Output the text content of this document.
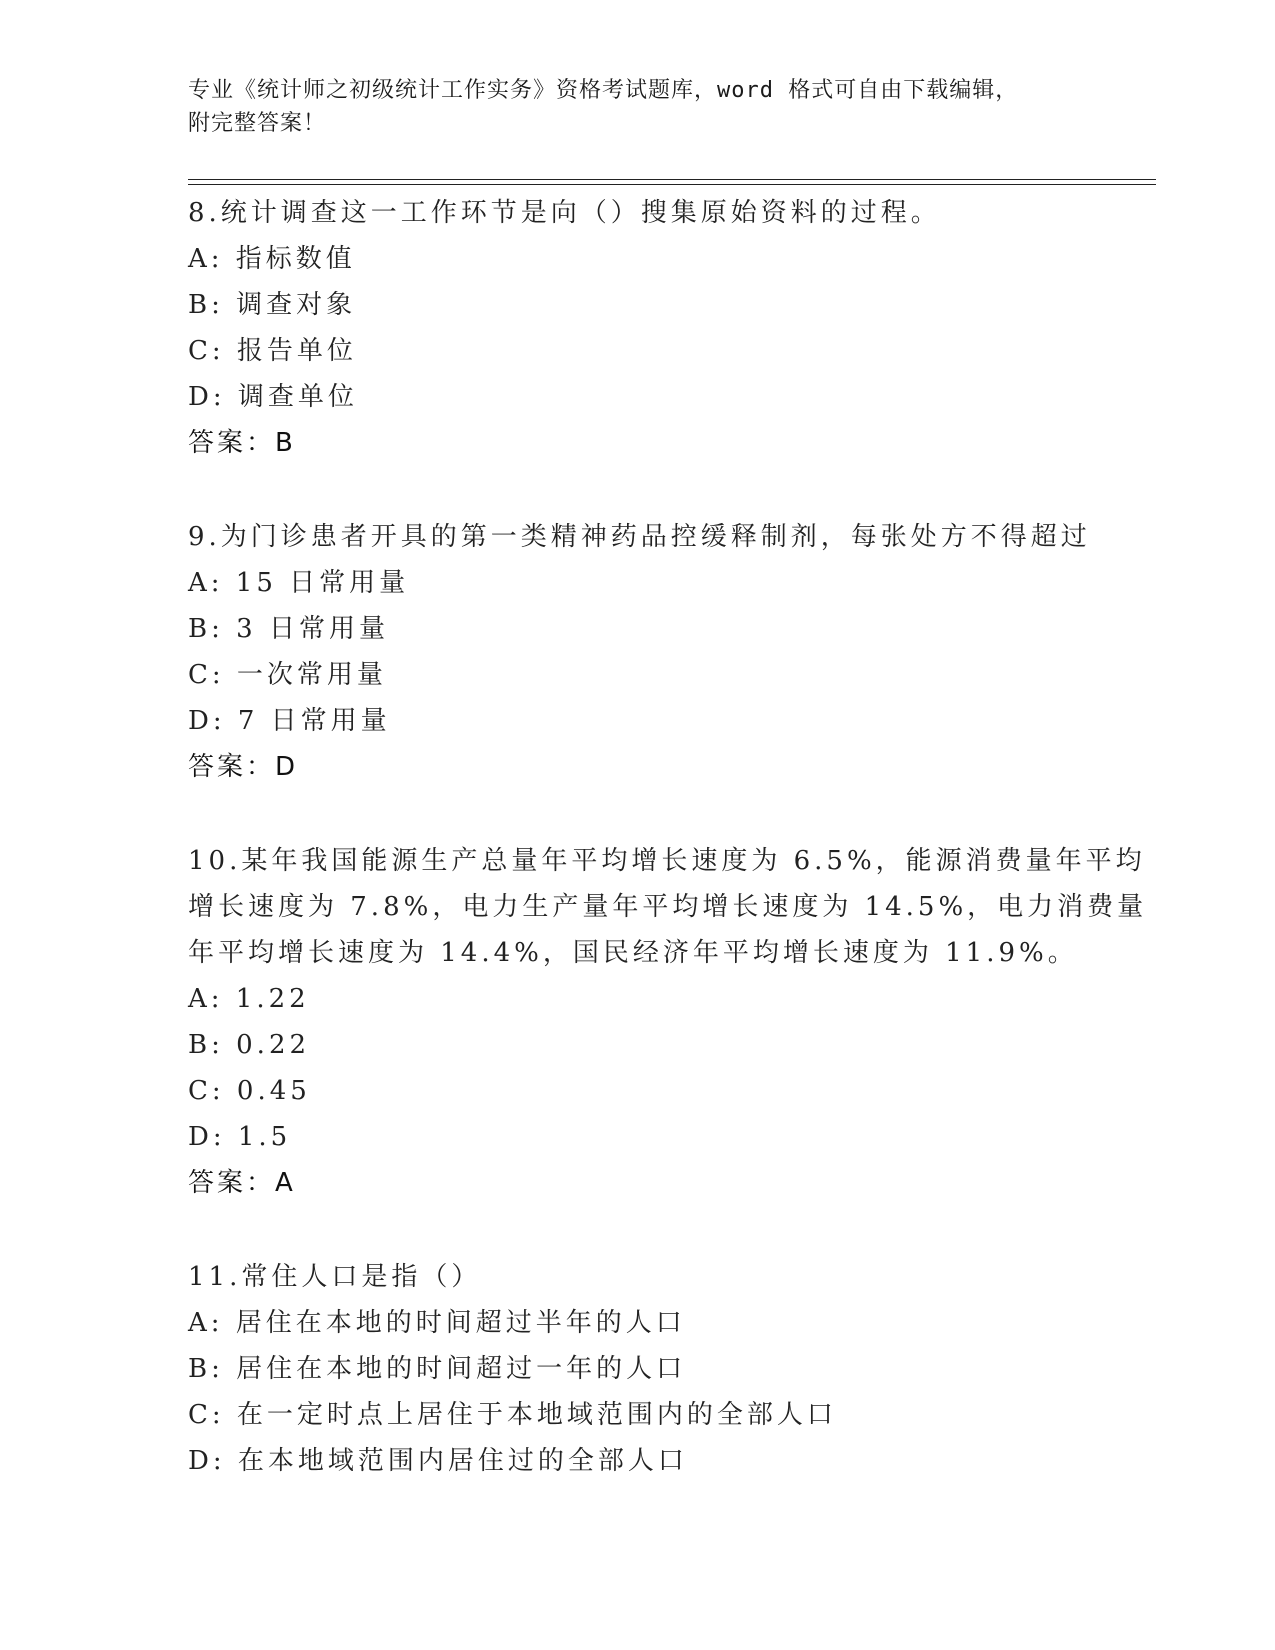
专业《统计师之初级统计工作实务》资格考试题库，word 格式可自由下载编辑，
附完整答案！
8.统计调查这一工作环节是向（）搜集原始资料的过程。
A: 指标数值
B: 调查对象
C: 报告单位
D: 调查单位
答案：B
9.为门诊患者开具的第一类精神药品控缓释制剂，每张处方不得超过
A: 15 日常用量
B: 3 日常用量
C: 一次常用量
D: 7 日常用量
答案：D
10.某年我国能源生产总量年平均增长速度为 6.5%，能源消费量年平均
增长速度为 7.8%，电力生产量年平均增长速度为 14.5%，电力消费量
年平均增长速度为 14.4%，国民经济年平均增长速度为 11.9%。
A: 1.22
B: 0.22
C: 0.45
D: 1.5
答案：A
11.常住人口是指（）
A: 居住在本地的时间超过半年的人口
B: 居住在本地的时间超过一年的人口
C: 在一定时点上居住于本地域范围内的全部人口
D: 在本地域范围内居住过的全部人口
